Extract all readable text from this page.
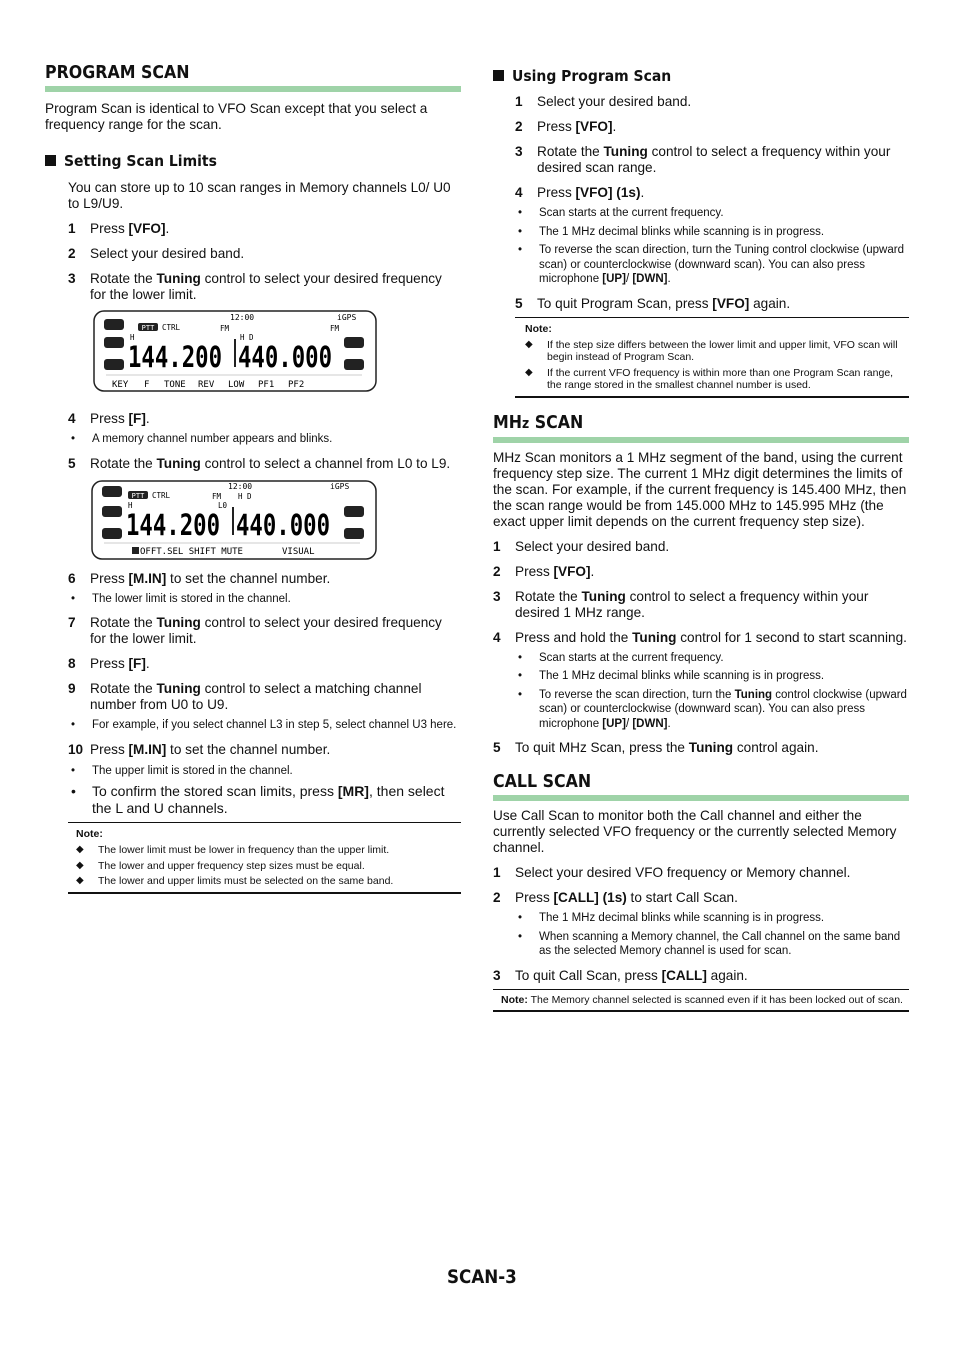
PROGRAM SCAN

Program Scan is identical to VFO Scan except that you select a frequency range for the scan.

Setting Scan Limits

You can store up to 10 scan ranges in Memory channels L0/ U0 to L9/U9.

1 Press [VFO].
2 Select your desired band.
3 Rotate the Tuning control to select your desired frequency for the lower limit.
PTT CTRL
12:00	iGPS
FM	FM
H	H D
144.200 440.000
KEY F TONE REV LOW PF1 PF2
4 Press [F].
• A memory channel number appears and blinks.
5 Rotate the Tuning control to select a channel from L0 to L9.
PTT CTRL
12:00	iGPS
FM
H	L0
H D
144.200 440.000
OFFT.SEL SHIFT MUTE	VISUAL
6 Press [M.IN] to set the channel number.
• The lower limit is stored in the channel.
7 Rotate the Tuning control to select your desired frequency for the lower limit.
8 Press [F].
9 Rotate the Tuning control to select a matching channel number from U0 to U9.
• For example, if you select channel L3 in step 5, select channel U3 here.
10 Press [M.IN] to set the channel number.
• The upper limit is stored in the channel.
• To confirm the stored scan limits, press [MR], then select the L and U channels.
Note:
◆ The lower limit must be lower in frequency than the upper limit.
◆ The lower and upper frequency step sizes must be equal.
◆ The lower and upper limits must be selected on the same band.
Using Program Scan
1 Select your desired band.
2 Press [VFO].
3 Rotate the Tuning control to select a frequency within your desired scan range.
4 Press [VFO] (1s).
• Scan starts at the current frequency.
• The 1 MHz decimal blinks while scanning is in progress.
• To reverse the scan direction, turn the Tuning control clockwise (upward scan) or counterclockwise (downward scan). You can also press microphone [UP]/ [DWN].
5 To quit Program Scan, press [VFO] again.
Note:
◆ If the step size differs between the lower limit and upper limit, VFO scan will begin instead of Program Scan.
◆ If the current VFO frequency is within more than one Program Scan range, the range stored in the smallest channel number is used.
MHz SCAN

MHz Scan monitors a 1 MHz segment of the band, using the current frequency step size. The current 1 MHz digit determines the limits of the scan. For example, if the current frequency is 145.400 MHz, then the scan range would be from 145.000 MHz to 145.995 MHz (the exact upper limit depends on the current frequency step size).

1 Select your desired band.
2 Press [VFO].
3 Rotate the Tuning control to select a frequency within your desired 1 MHz range.
4 Press and hold the Tuning control for 1 second to start scanning.
• Scan starts at the current frequency.
• The 1 MHz decimal blinks while scanning is in progress.
• To reverse the scan direction, turn the Tuning control clockwise (upward scan) or counterclockwise (downward scan). You can also press microphone [UP]/ [DWN].
5 To quit MHz Scan, press the Tuning control again.
CALL SCAN

Use Call Scan to monitor both the Call channel and either the currently selected VFO frequency or the currently selected Memory channel.

1 Select your desired VFO frequency or Memory channel.
2 Press [CALL] (1s) to start Call Scan.
• The 1 MHz decimal blinks while scanning is in progress.
• When scanning a Memory channel, the Call channel on the same band as the selected Memory channel is used for scan.
3 To quit Call Scan, press [CALL] again.
Note: The Memory channel selected is scanned even if it has been locked out of scan.
SCAN-3
